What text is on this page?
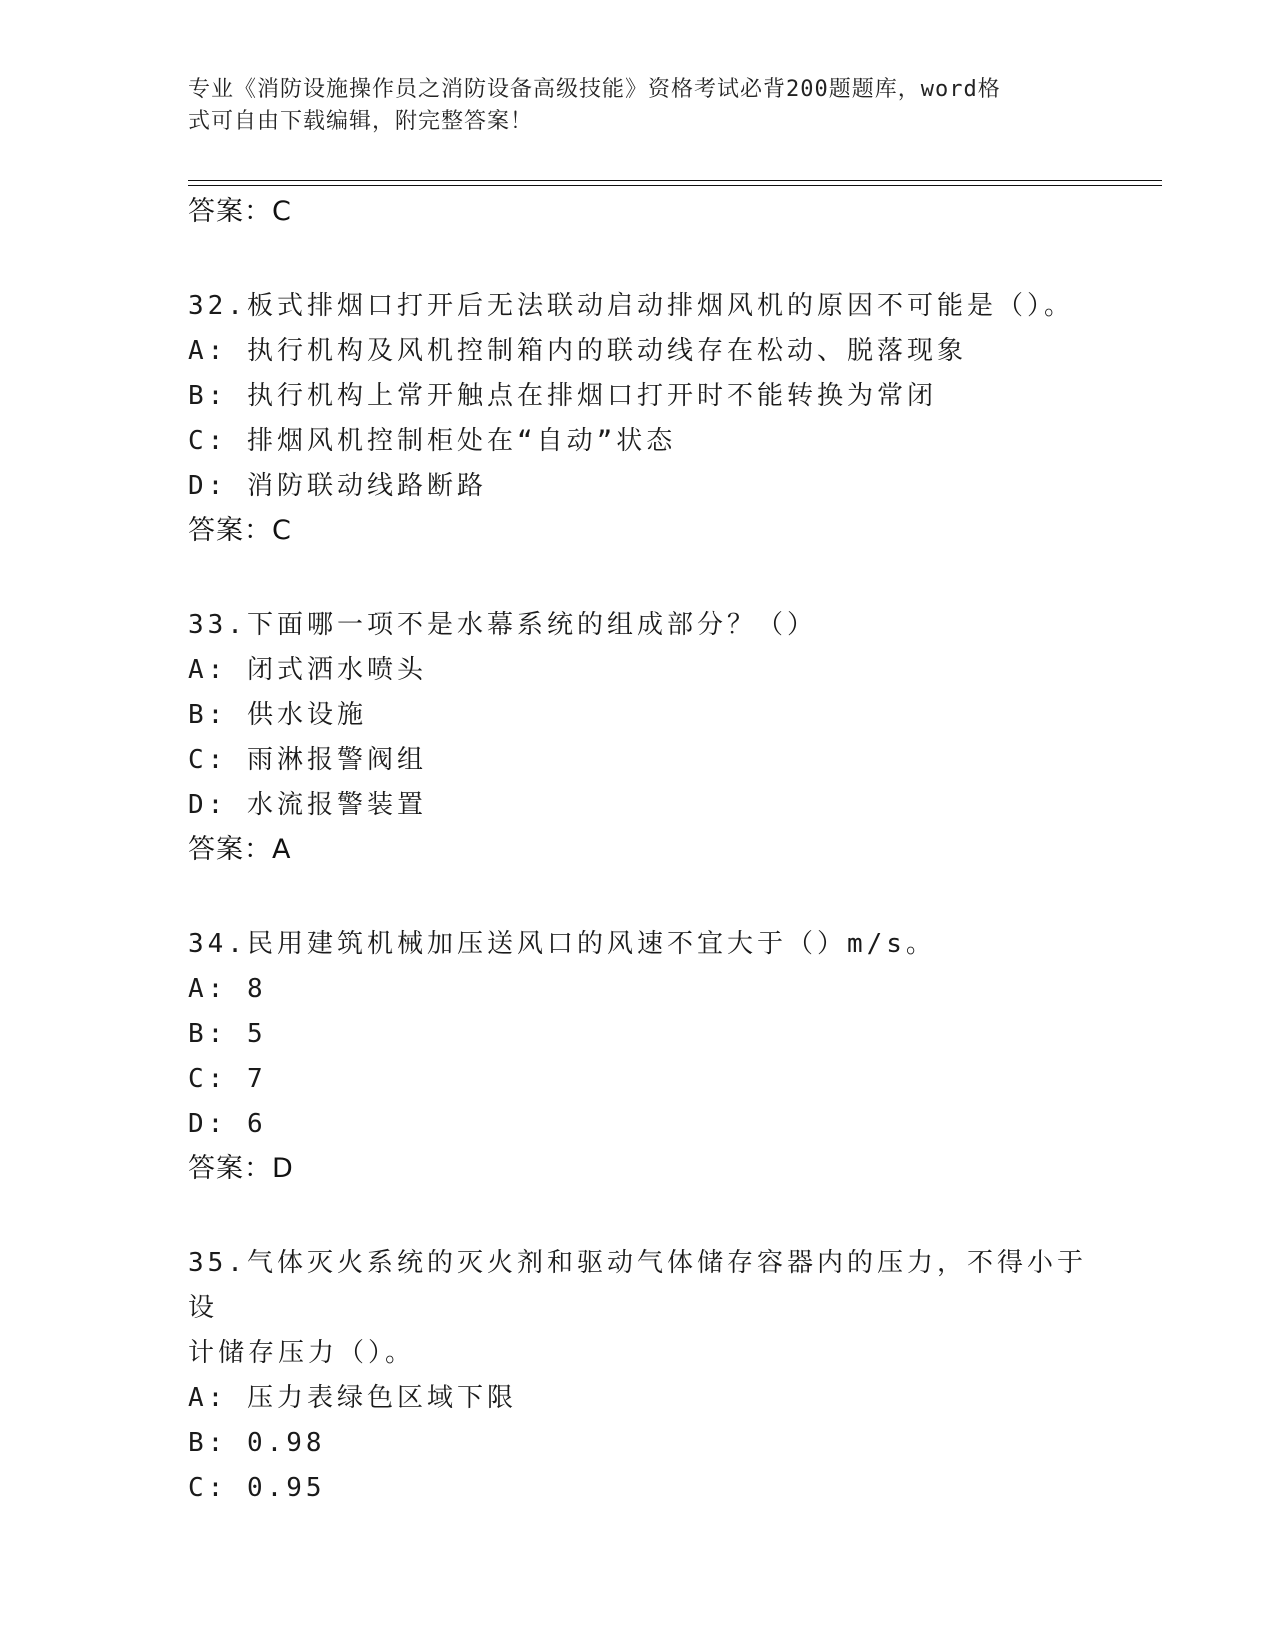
专业《消防设施操作员之消防设备高级技能》资格考试必背200题题库，word格
式可自由下载编辑，附完整答案！
答案：C
32.板式排烟口打开后无法联动启动排烟风机的原因不可能是（）。
A: 执行机构及风机控制箱内的联动线存在松动、脱落现象
B: 执行机构上常开触点在排烟口打开时不能转换为常闭
C: 排烟风机控制柜处在“自动”状态
D: 消防联动线路断路
答案：C
33.下面哪一项不是水幕系统的组成部分？（）
A: 闭式洒水喷头
B: 供水设施
C: 雨淋报警阀组
D: 水流报警装置
答案：A
34.民用建筑机械加压送风口的风速不宜大于（）m/s。
A: 8
B: 5
C: 7
D: 6
答案：D
35.气体灭火系统的灭火剂和驱动气体储存容器内的压力，不得小于设
计储存压力（）。
A: 压力表绿色区域下限
B: 0.98
C: 0.95
